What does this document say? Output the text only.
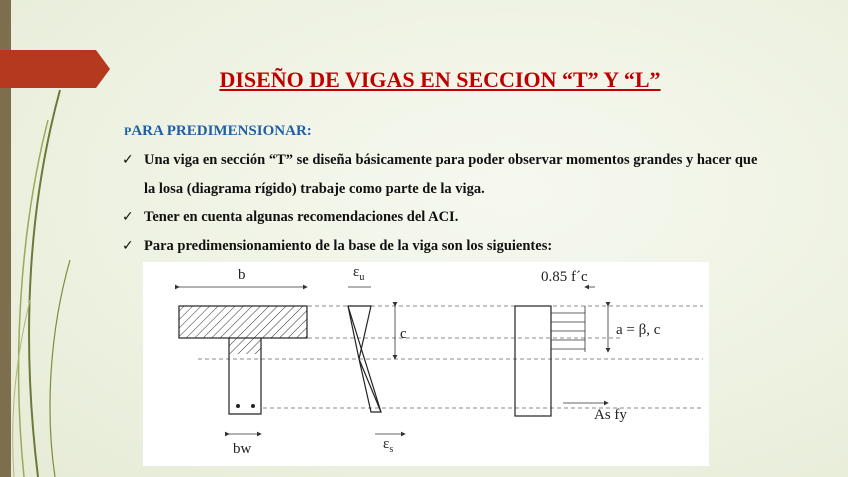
DISEÑO DE VIGAS EN SECCION “T” Y “L”
PARA PREDIMENSIONAR:
✓ Una viga en sección “T” se diseña básicamente para poder observar momentos grandes y hacer que la losa (diagrama rígido) trabaje como parte de la viga.
✓ Tener en cuenta algunas recomendaciones del ACI.
✓ Para predimensionamiento de la base de la viga son los siguientes:
b
bw
$\varepsilon_u$
$\varepsilon_s$
c
0.85 f´c
a = β, c
As fy
